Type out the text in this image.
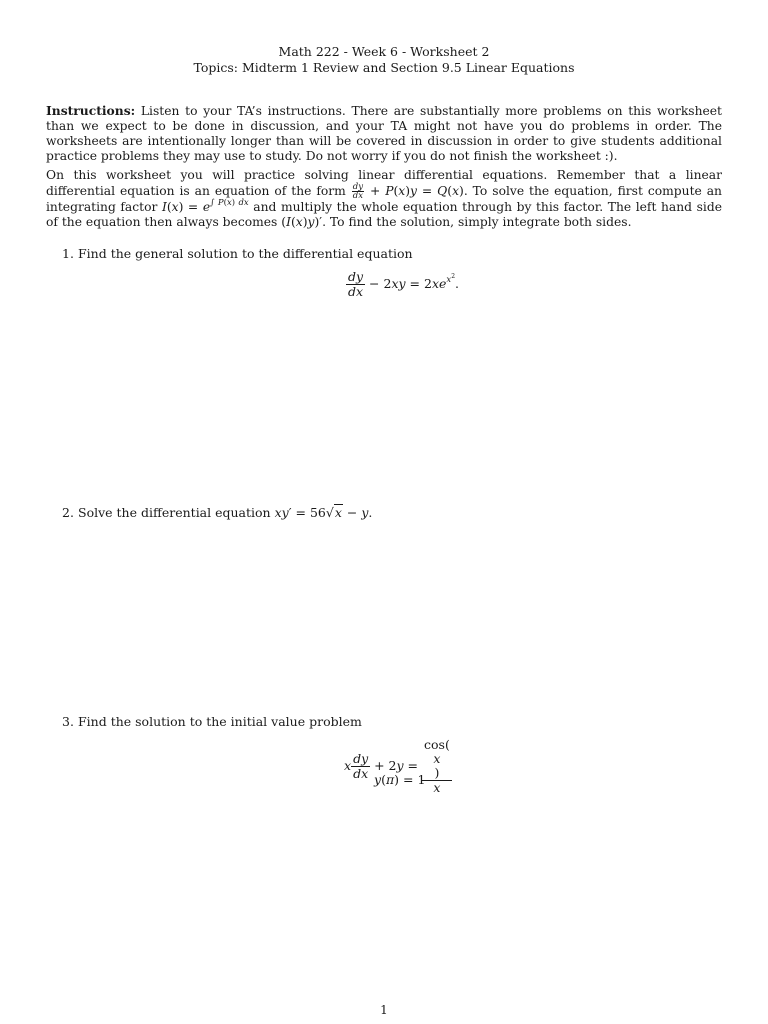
Math 222 - Week 6 - Worksheet 2
Topics: Midterm 1 Review and Section 9.5 Linear Equations
Instructions: Listen to your TA’s instructions. There are substantially more problems on this worksheet than we expect to be done in discussion, and your TA might not have you do problems in order. The worksheets are intentionally longer than will be covered in discussion in order to give students additional practice problems they may use to study. Do not worry if you do not finish the worksheet :).
On this worksheet you will practice solving linear differential equations. Remember that a linear differential equation is an equation of the form $\frac{dy}{dx} + P(x)y = Q(x)$. To solve the equation, first compute an integrating factor $I(x) = e^{\int P(x) dx}$ and multiply the whole equation through by this factor. The left hand side of the equation then always becomes (I(x)y)′. To find the solution, simply integrate both sides.
1. Find the general solution to the differential equation
$\frac{dy}{dx} - 2xy = 2xe^{x^2}$.
2. Solve the differential equation xy′ = 56√x − y.
3. Find the solution to the initial value problem
x $\frac{dy}{dx} + 2y = \cos$(
x
)
x
y(π) = 1
1
